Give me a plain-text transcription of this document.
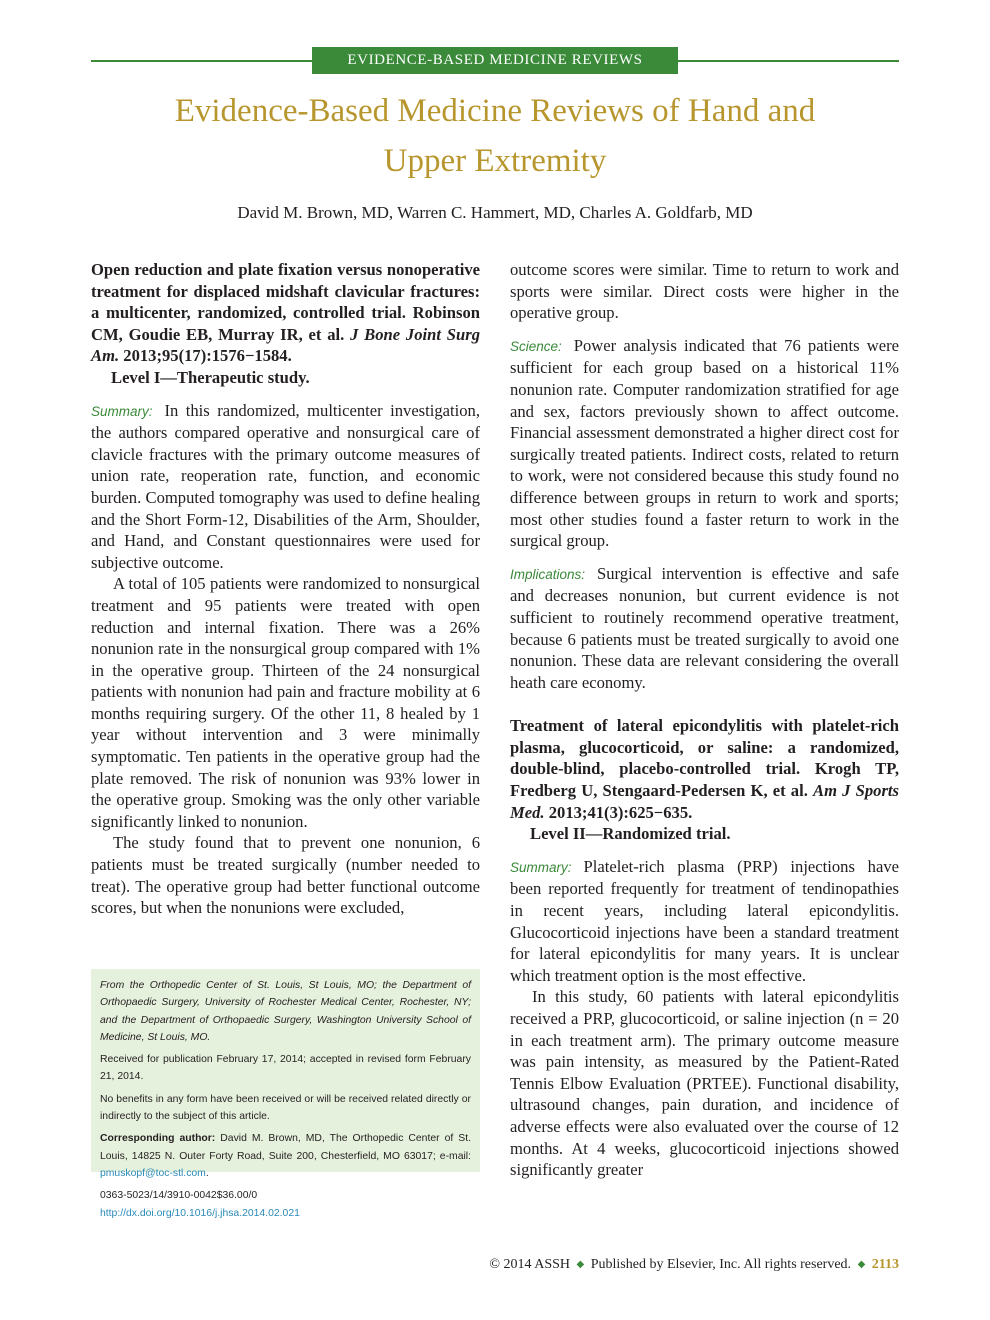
EVIDENCE-BASED MEDICINE REVIEWS
Evidence-Based Medicine Reviews of Hand and
Upper Extremity
David M. Brown, MD, Warren C. Hammert, MD, Charles A. Goldfarb, MD

Open reduction and plate fixation versus nonoperative treatment for displaced midshaft clavicular fractures: a multicenter, randomized, controlled trial. Robinson CM, Goudie EB, Murray IR, et al. J Bone Joint Surg Am. 2013;95(17):1576−1584.

Level I—Therapeutic study.

Summary: In this randomized, multicenter investigation, the authors compared operative and nonsurgical care of clavicle fractures with the primary outcome measures of union rate, reoperation rate, function, and economic burden. Computed tomography was used to define healing and the Short Form-12, Disabilities of the Arm, Shoulder, and Hand, and Constant questionnaires were used for subjective outcome.

A total of 105 patients were randomized to nonsurgical treatment and 95 patients were treated with open reduction and internal fixation. There was a 26% nonunion rate in the nonsurgical group compared with 1% in the operative group. Thirteen of the 24 nonsurgical patients with nonunion had pain and fracture mobility at 6 months requiring surgery. Of the other 11, 8 healed by 1 year without intervention and 3 were minimally symptomatic. Ten patients in the operative group had the plate removed. The risk of nonunion was 93% lower in the operative group. Smoking was the only other variable significantly linked to nonunion.

The study found that to prevent one nonunion, 6 patients must be treated surgically (number needed to treat). The operative group had better functional outcome scores, but when the nonunions were excluded,

From the Orthopedic Center of St. Louis, St Louis, MO; the Department of Orthopaedic Surgery, University of Rochester Medical Center, Rochester, NY; and the Department of Orthopaedic Surgery, Washington University School of Medicine, St Louis, MO.

Received for publication February 17, 2014; accepted in revised form February 21, 2014.

No benefits in any form have been received or will be received related directly or indirectly to the subject of this article.

Corresponding author: David M. Brown, MD, The Orthopedic Center of St. Louis, 14825 N. Outer Forty Road, Suite 200, Chesterfield, MO 63017; e-mail: pmuskopf@toc-stl.com.

0363-5023/14/3910-0042$36.00/0

http://dx.doi.org/10.1016/j.jhsa.2014.02.021

outcome scores were similar. Time to return to work and sports were similar. Direct costs were higher in the operative group.

Science: Power analysis indicated that 76 patients were sufficient for each group based on a historical 11% nonunion rate. Computer randomization stratified for age and sex, factors previously shown to affect outcome. Financial assessment demonstrated a higher direct cost for surgically treated patients. Indirect costs, related to return to work, were not considered because this study found no difference between groups in return to work and sports; most other studies found a faster return to work in the surgical group.

Implications: Surgical intervention is effective and safe and decreases nonunion, but current evidence is not sufficient to routinely recommend operative treatment, because 6 patients must be treated surgically to avoid one nonunion. These data are relevant considering the overall heath care economy.

Treatment of lateral epicondylitis with platelet-rich plasma, glucocorticoid, or saline: a randomized, double-blind, placebo-controlled trial. Krogh TP, Fredberg U, Stengaard-Pedersen K, et al. Am J Sports Med. 2013;41(3):625−635.

Level II—Randomized trial.

Summary: Platelet-rich plasma (PRP) injections have been reported frequently for treatment of tendinopathies in recent years, including lateral epicondylitis. Glucocorticoid injections have been a standard treatment for lateral epicondylitis for many years. It is unclear which treatment option is the most effective.

In this study, 60 patients with lateral epicondylitis received a PRP, glucocorticoid, or saline injection (n = 20 in each treatment arm). The primary outcome measure was pain intensity, as measured by the Patient-Rated Tennis Elbow Evaluation (PRTEE). Functional disability, ultrasound changes, pain duration, and incidence of adverse effects were also evaluated over the course of 12 months. At 4 weeks, glucocorticoid injections showed significantly greater

© 2014 ASSH ◆ Published by Elsevier, Inc. All rights reserved. ◆ 2113
